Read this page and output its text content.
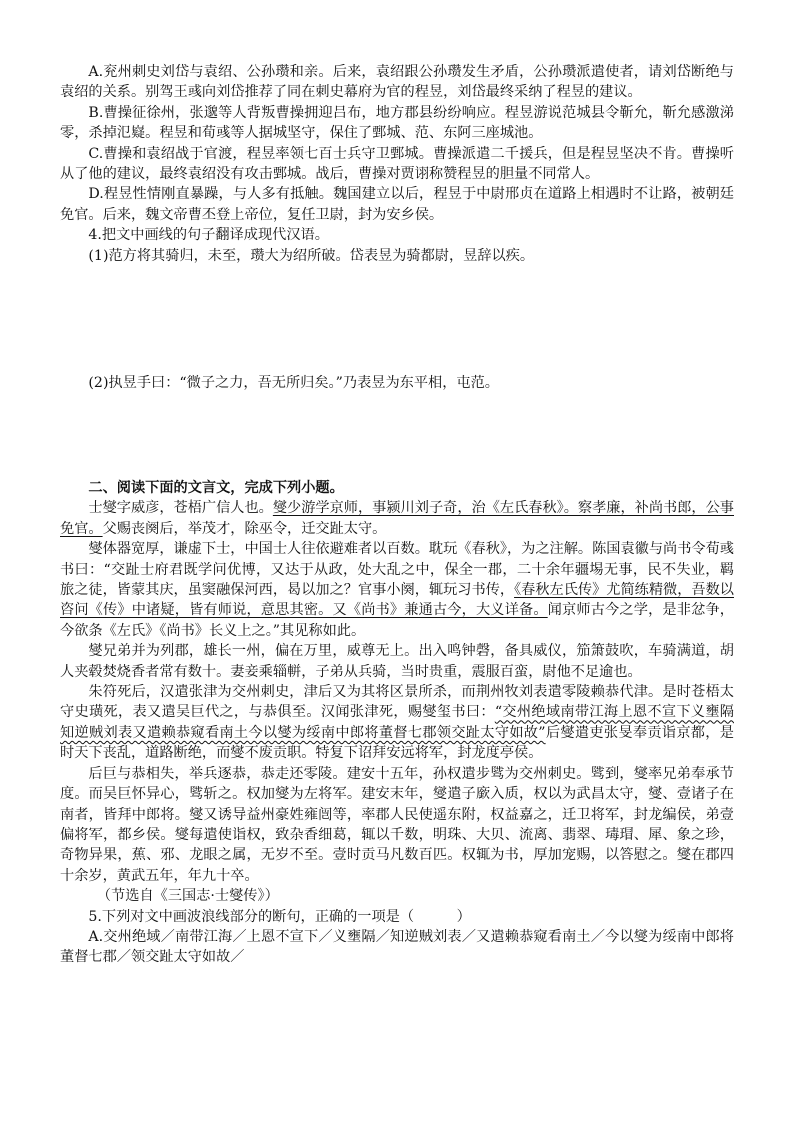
A.兖州刺史刘岱与袁绍、公孙瓒和亲。后来，袁绍跟公孙瓒发生矛盾，公孙瓒派遣使者，请刘岱断绝与袁绍的关系。别驾王彧向刘岱推荐了同在刺史幕府为官的程昱，刘岱最终采纳了程昱的建议。

B.曹操征徐州，张邈等人背叛曹操拥迎吕布，地方郡县纷纷响应。程昱游说范城县令靳允，靳允感激涕零，杀掉氾嶷。程昱和荀彧等人据城坚守，保住了鄄城、范、东阿三座城池。

C.曹操和袁绍战于官渡，程昱率领七百士兵守卫鄄城。曹操派遣二千援兵，但是程昱坚决不肯。曹操听从了他的建议，最终袁绍没有攻击鄄城。战后，曹操对贾诩称赞程昱的胆量不同常人。

D.程昱性情刚直暴躁，与人多有抵触。魏国建立以后，程昱于中尉邢贞在道路上相遇时不让路，被朝廷免官。后来，魏文帝曹丕登上帝位，复任卫尉，封为安乡侯。

4.把文中画线的句子翻译成现代汉语。

(1)范方将其骑归，未至，瓒大为绍所破。岱表昱为骑都尉，昱辞以疾。

(2)执昱手曰：“微子之力，吾无所归矣。”乃表昱为东平相，屯范。

二、阅读下面的文言文，完成下列小题。

士燮字威彦，苍梧广信人也。燮少游学京师，事颍川刘子奇，治《左氏春秋》。察孝廉，补尚书郎，公事免官。父赐丧阕后，举茂才，除巫令，迁交趾太守。

燮体器宽厚，谦虚下士，中国士人往依避难者以百数。耽玩《春秋》，为之注解。陈国袁徽与尚书令荀彧书曰：“交趾士府君既学问优博，又达于从政，处大乱之中，保全一郡，二十余年疆埸无事，民不失业，羁旅之徒，皆蒙其庆，虽窦融保河西，曷以加之？官事小阕，辄玩习书传，《春秋左氏传》尤简练精微，吾数以咨问《传》中诸疑，皆有师说，意思其密。又《尚书》兼通古今，大义详备。闻京师古今之学，是非忿争，今欲条《左氏》《尚书》长义上之。”其见称如此。

燮兄弟并为列郡，雄长一州，偏在万里，威尊无上。出入鸣钟磬，备具威仪，笳箫鼓吹，车骑满道，胡人夹毂焚烧香者常有数十。妻妾乘辎軿，子弟从兵骑，当时贵重，震服百蛮，尉他不足逾也。

朱符死后，汉遣张津为交州刺史，津后又为其将区景所杀，而荆州牧刘表遣零陵赖恭代津。是时苍梧太守史璜死，表又遣吴巨代之，与恭俱至。汉闻张津死，赐燮玺书曰：“交州绝域南带江海上恩不宣下义壅隔知逆贼刘表又遣赖恭窥看南土今以燮为绥南中郎将董督七郡领交趾太守如故”后燮遣吏张旻奉贡诣京都，是时天下丧乱，道路断绝，而燮不废贡职。特复下诏拜安远将军，封龙度亭侯。

后巨与恭相失，举兵逐恭，恭走还零陵。建安十五年，孙权遣步骘为交州刺史。骘到，燮率兄弟奉承节度。而吴巨怀异心，骘斩之。权加燮为左将军。建安末年，燮遣子廞入质，权以为武昌太守，燮、壹诸子在南者，皆拜中郎将。燮又诱导益州豪姓雍闿等，率郡人民使遥东附，权益嘉之，迁卫将军，封龙编侯，弟壹偏将军，都乡侯。燮每遣使诣权，致杂香细葛，辄以千数，明珠、大贝、流离、翡翠、瑇瑁、犀、象之珍，奇物异果，蕉、邪、龙眼之属，无岁不至。壹时贡马凡数百匹。权辄为书，厚加宠赐，以答慰之。燮在郡四十余岁，黄武五年，年九十卒。

（节选自《三国志·士燮传》）

5.下列对文中画波浪线部分的断句，正确的一项是（　　　）

A.交州绝域／南带江海／上恩不宣下／义壅隔／知逆贼刘表／又遣赖恭窥看南土／今以燮为绥南中郎将董督七郡／领交趾太守如故／
